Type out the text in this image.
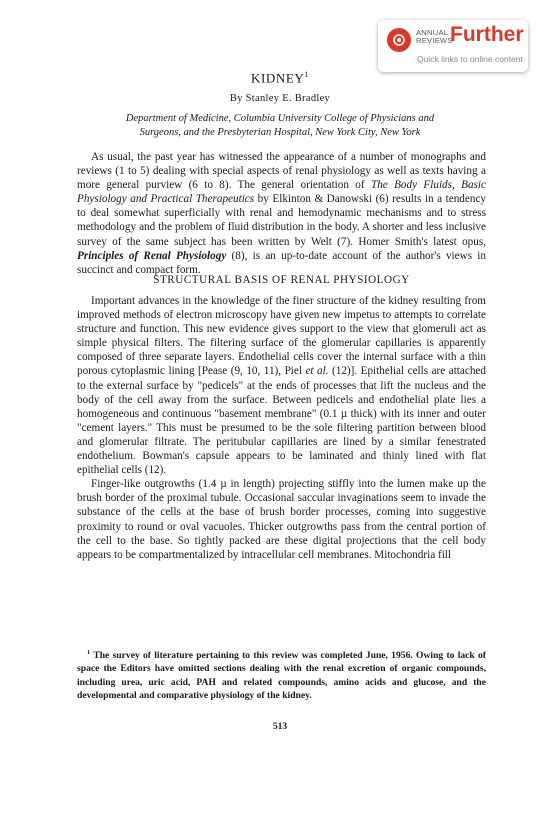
ANNUAL
REVIEWS
Further
Quick links to online content
KIDNEY$^1$
By Stanley E. Bradley
Department of Medicine, Columbia University College of Physicians and
Surgeons, and the Presbyterian Hospital, New York City, New York

As usual, the past year has witnessed the appearance of a number of monographs and reviews (1 to 5) dealing with special aspects of renal physiology as well as texts having a more general purview (6 to 8). The general orientation of The Body Fluids, Basic Physiology and Practical Therapeutics by Elkinton & Danowski (6) results in a tendency to deal somewhat superficially with renal and hemodynamic mechanisms and to stress methodology and the problem of fluid distribution in the body. A shorter and less inclusive survey of the same subject has been written by Welt (7). Homer Smith's latest opus, Principles of Renal Physiology (8), is an up-to-date account of the author's views in succinct and compact form.

STRUCTURAL BASIS OF RENAL PHYSIOLOGY

Important advances in the knowledge of the finer structure of the kidney resulting from improved methods of electron microscopy have given new impetus to attempts to correlate structure and function. This new evidence gives support to the view that glomeruli act as simple physical filters. The filtering surface of the glomerular capillaries is apparently composed of three separate layers. Endothelial cells cover the internal surface with a thin porous cytoplasmic lining [Pease (9, 10, 11), Piel et al. (12)]. Epithelial cells are attached to the external surface by "pedicels" at the ends of processes that lift the nucleus and the body of the cell away from the surface. Between pedicels and endothelial plate lies a homogeneous and continuous "basement membrane" (0.1 µ thick) with its inner and outer "cement layers." This must be presumed to be the sole filtering partition between blood and glomerular filtrate. The peritubular capillaries are lined by a similar fenestrated endothelium. Bowman's capsule appears to be laminated and thinly lined with flat epithelial cells (12).

Finger-like outgrowths (1.4 µ in length) projecting stiffly into the lumen make up the brush border of the proximal tubule. Occasional saccular invaginations seem to invade the substance of the cells at the base of brush border processes, coming into suggestive proximity to round or oval vacuoles. Thicker outgrowths pass from the central portion of the cell to the base. So tightly packed are these digital projections that the cell body appears to be compartmentalized by intracellular cell membranes. Mitochondria fill

$^1$ The survey of literature pertaining to this review was completed June, 1956. Owing to lack of space the Editors have omitted sections dealing with the renal excretion of organic compounds, including urea, uric acid, PAH and related compounds, amino acids and glucose, and the developmental and comparative physiology of the kidney.

513
